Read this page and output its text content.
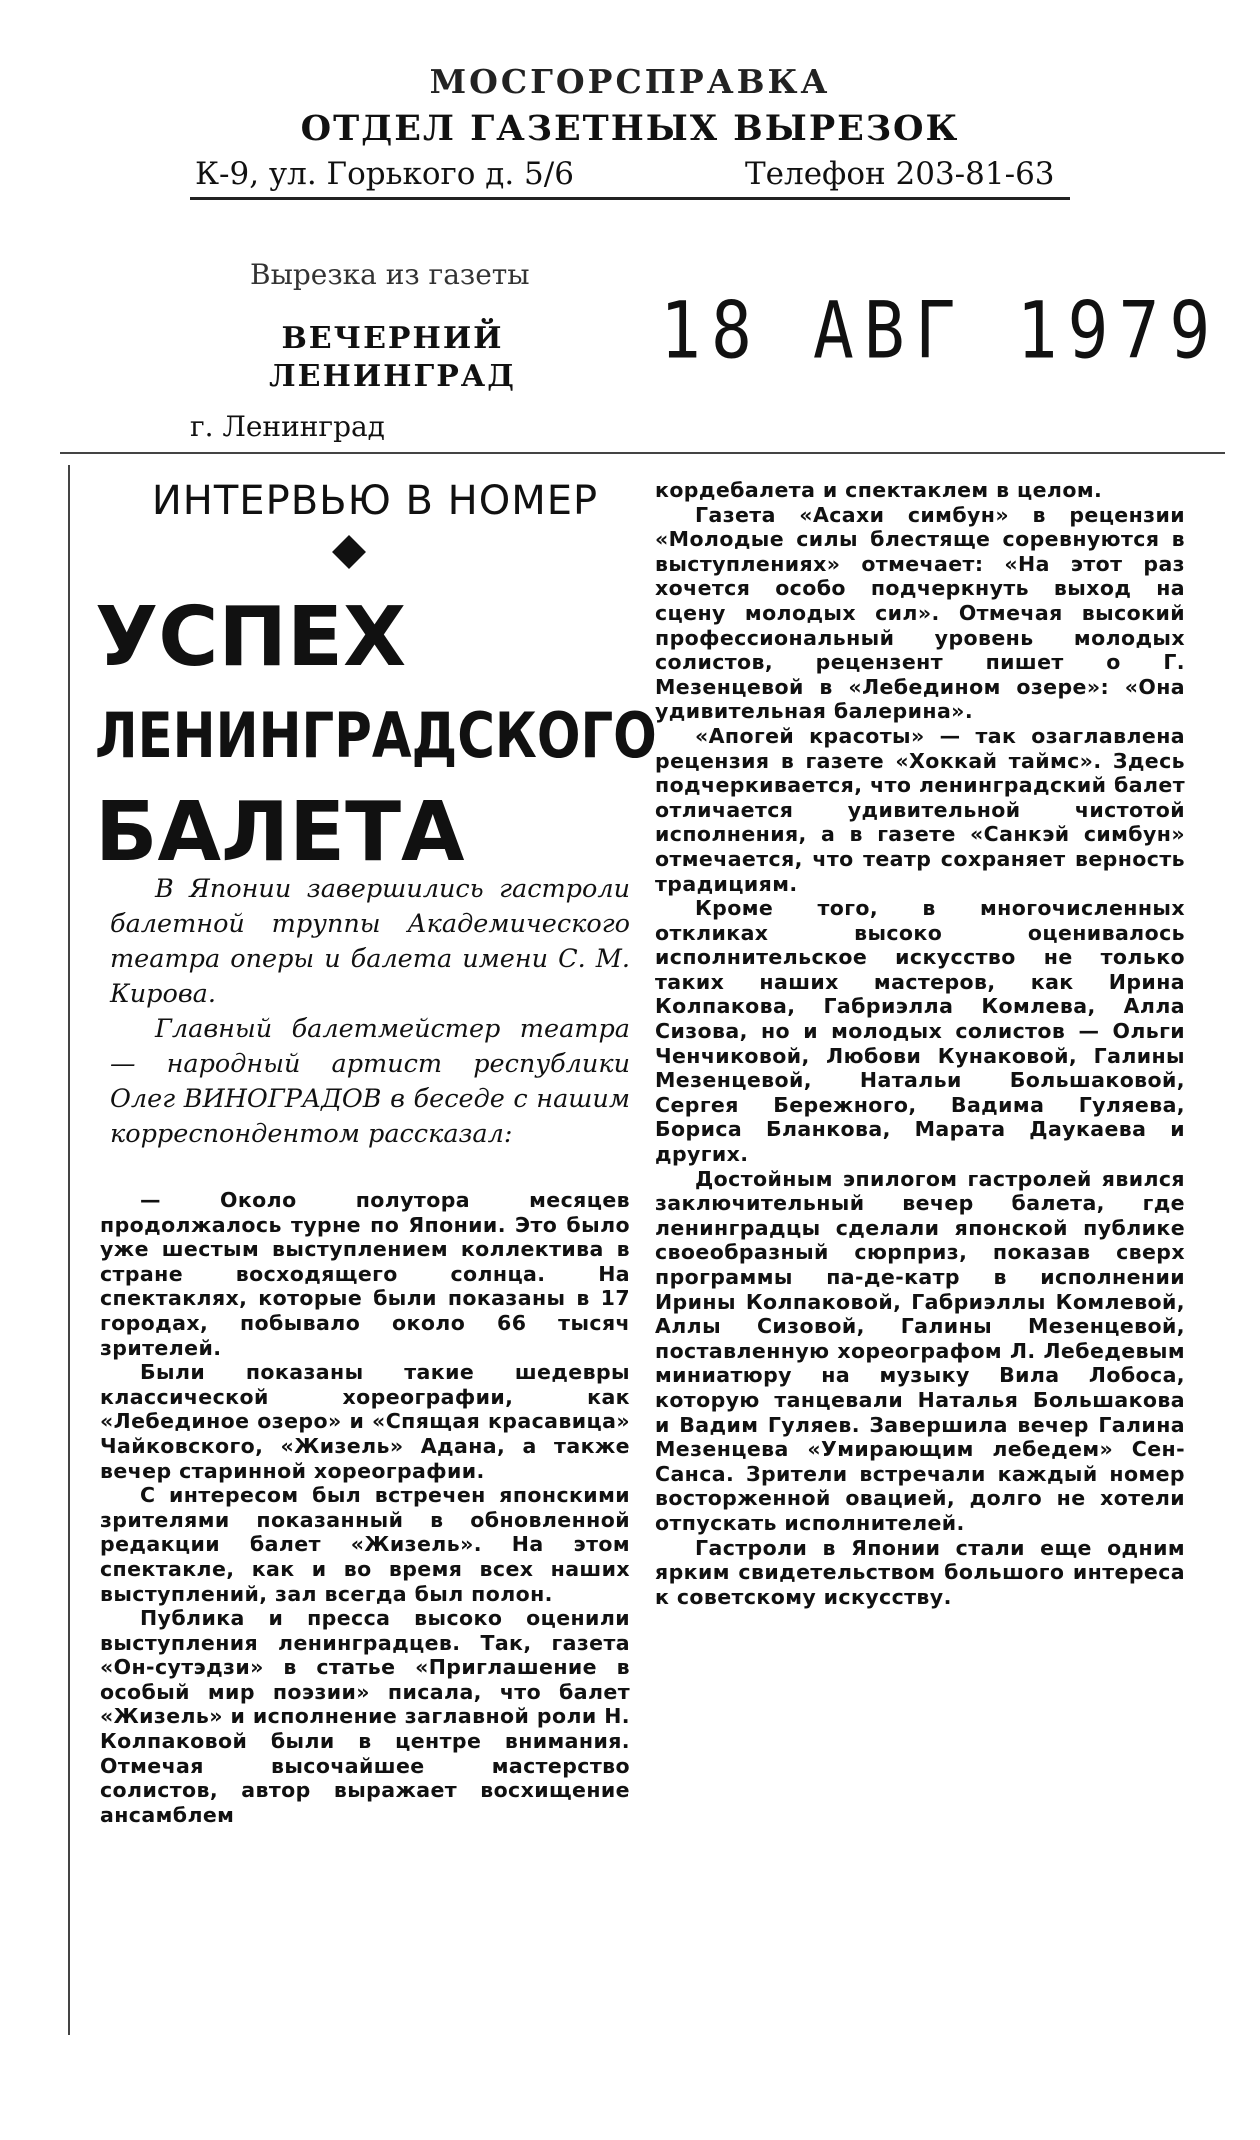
МОСГОРСПРАВКА
ОТДЕЛ ГАЗЕТНЫХ ВЫРЕЗОК
К-9, ул. Горького д. 5/6	Телефон 203-81-63
Вырезка из газеты
ВЕЧЕРНИЙ ЛЕНИНГРАД
г. Ленинград
18 АВГ 1979
ИНТЕРВЬЮ В НОМЕР
УСПЕХ
ЛЕНИНГРАДСКОГО
БАЛЕТА

В Японии завершились гастроли балетной труппы Академического театра оперы и балета имени С. М. Кирова.

Главный балетмейстер театра — народный артист республики Олег ВИНОГРАДОВ в беседе с нашим корреспондентом рассказал:

— Около полутора месяцев продолжалось турне по Японии. Это было уже шестым выступлением коллектива в стране восходящего солнца. На спектаклях, которые были показаны в 17 городах, побывало около 66 тысяч зрителей.

Были показаны такие шедевры классической хореографии, как «Лебединое озеро» и «Спящая красавица» Чайковского, «Жизель» Адана, а также вечер старинной хореографии.

С интересом был встречен японскими зрителями показанный в обновленной редакции балет «Жизель». На этом спектакле, как и во время всех наших выступлений, зал всегда был полон.

Публика и пресса высоко оценили выступления ленинградцев. Так, газета «Он-сутэдзи» в статье «Приглашение в особый мир поэзии» писала, что балет «Жизель» и исполнение заглавной роли Н. Колпаковой были в центре внимания. Отмечая высочайшее мастерство солистов, автор выражает восхищение ансамблем

кордебалета и спектаклем в целом.

Газета «Асахи симбун» в рецензии «Молодые силы блестяще соревнуются в выступлениях» отмечает: «На этот раз хочется особо подчеркнуть выход на сцену молодых сил». Отмечая высокий профессиональный уровень молодых солистов, рецензент пишет о Г. Мезенцевой в «Лебедином озере»: «Она удивительная балерина».

«Апогей красоты» — так озаглавлена рецензия в газете «Хоккай таймс». Здесь подчеркивается, что ленинградский балет отличается удивительной чистотой исполнения, а в газете «Санкэй симбун» отмечается, что театр сохраняет верность традициям.

Кроме того, в многочисленных откликах высоко оценивалось исполнительское искусство не только таких наших мастеров, как Ирина Колпакова, Габриэлла Комлева, Алла Сизова, но и молодых солистов — Ольги Ченчиковой, Любови Кунаковой, Галины Мезенцевой, Натальи Большаковой, Сергея Бережного, Вадима Гуляева, Бориса Бланкова, Марата Даукаева и других.

Достойным эпилогом гастролей явился заключительный вечер балета, где ленинградцы сделали японской публике своеобразный сюрприз, показав сверх программы па-де-катр в исполнении Ирины Колпаковой, Габриэллы Комлевой, Аллы Сизовой, Галины Мезенцевой, поставленную хореографом Л. Лебедевым миниатюру на музыку Вила Лобоса, которую танцевали Наталья Большакова и Вадим Гуляев. Завершила вечер Галина Мезенцева «Умирающим лебедем» Сен-Санса. Зрители встречали каждый номер восторженной овацией, долго не хотели отпускать исполнителей.

Гастроли в Японии стали еще одним ярким свидетельством большого интереса к советскому искусству.
